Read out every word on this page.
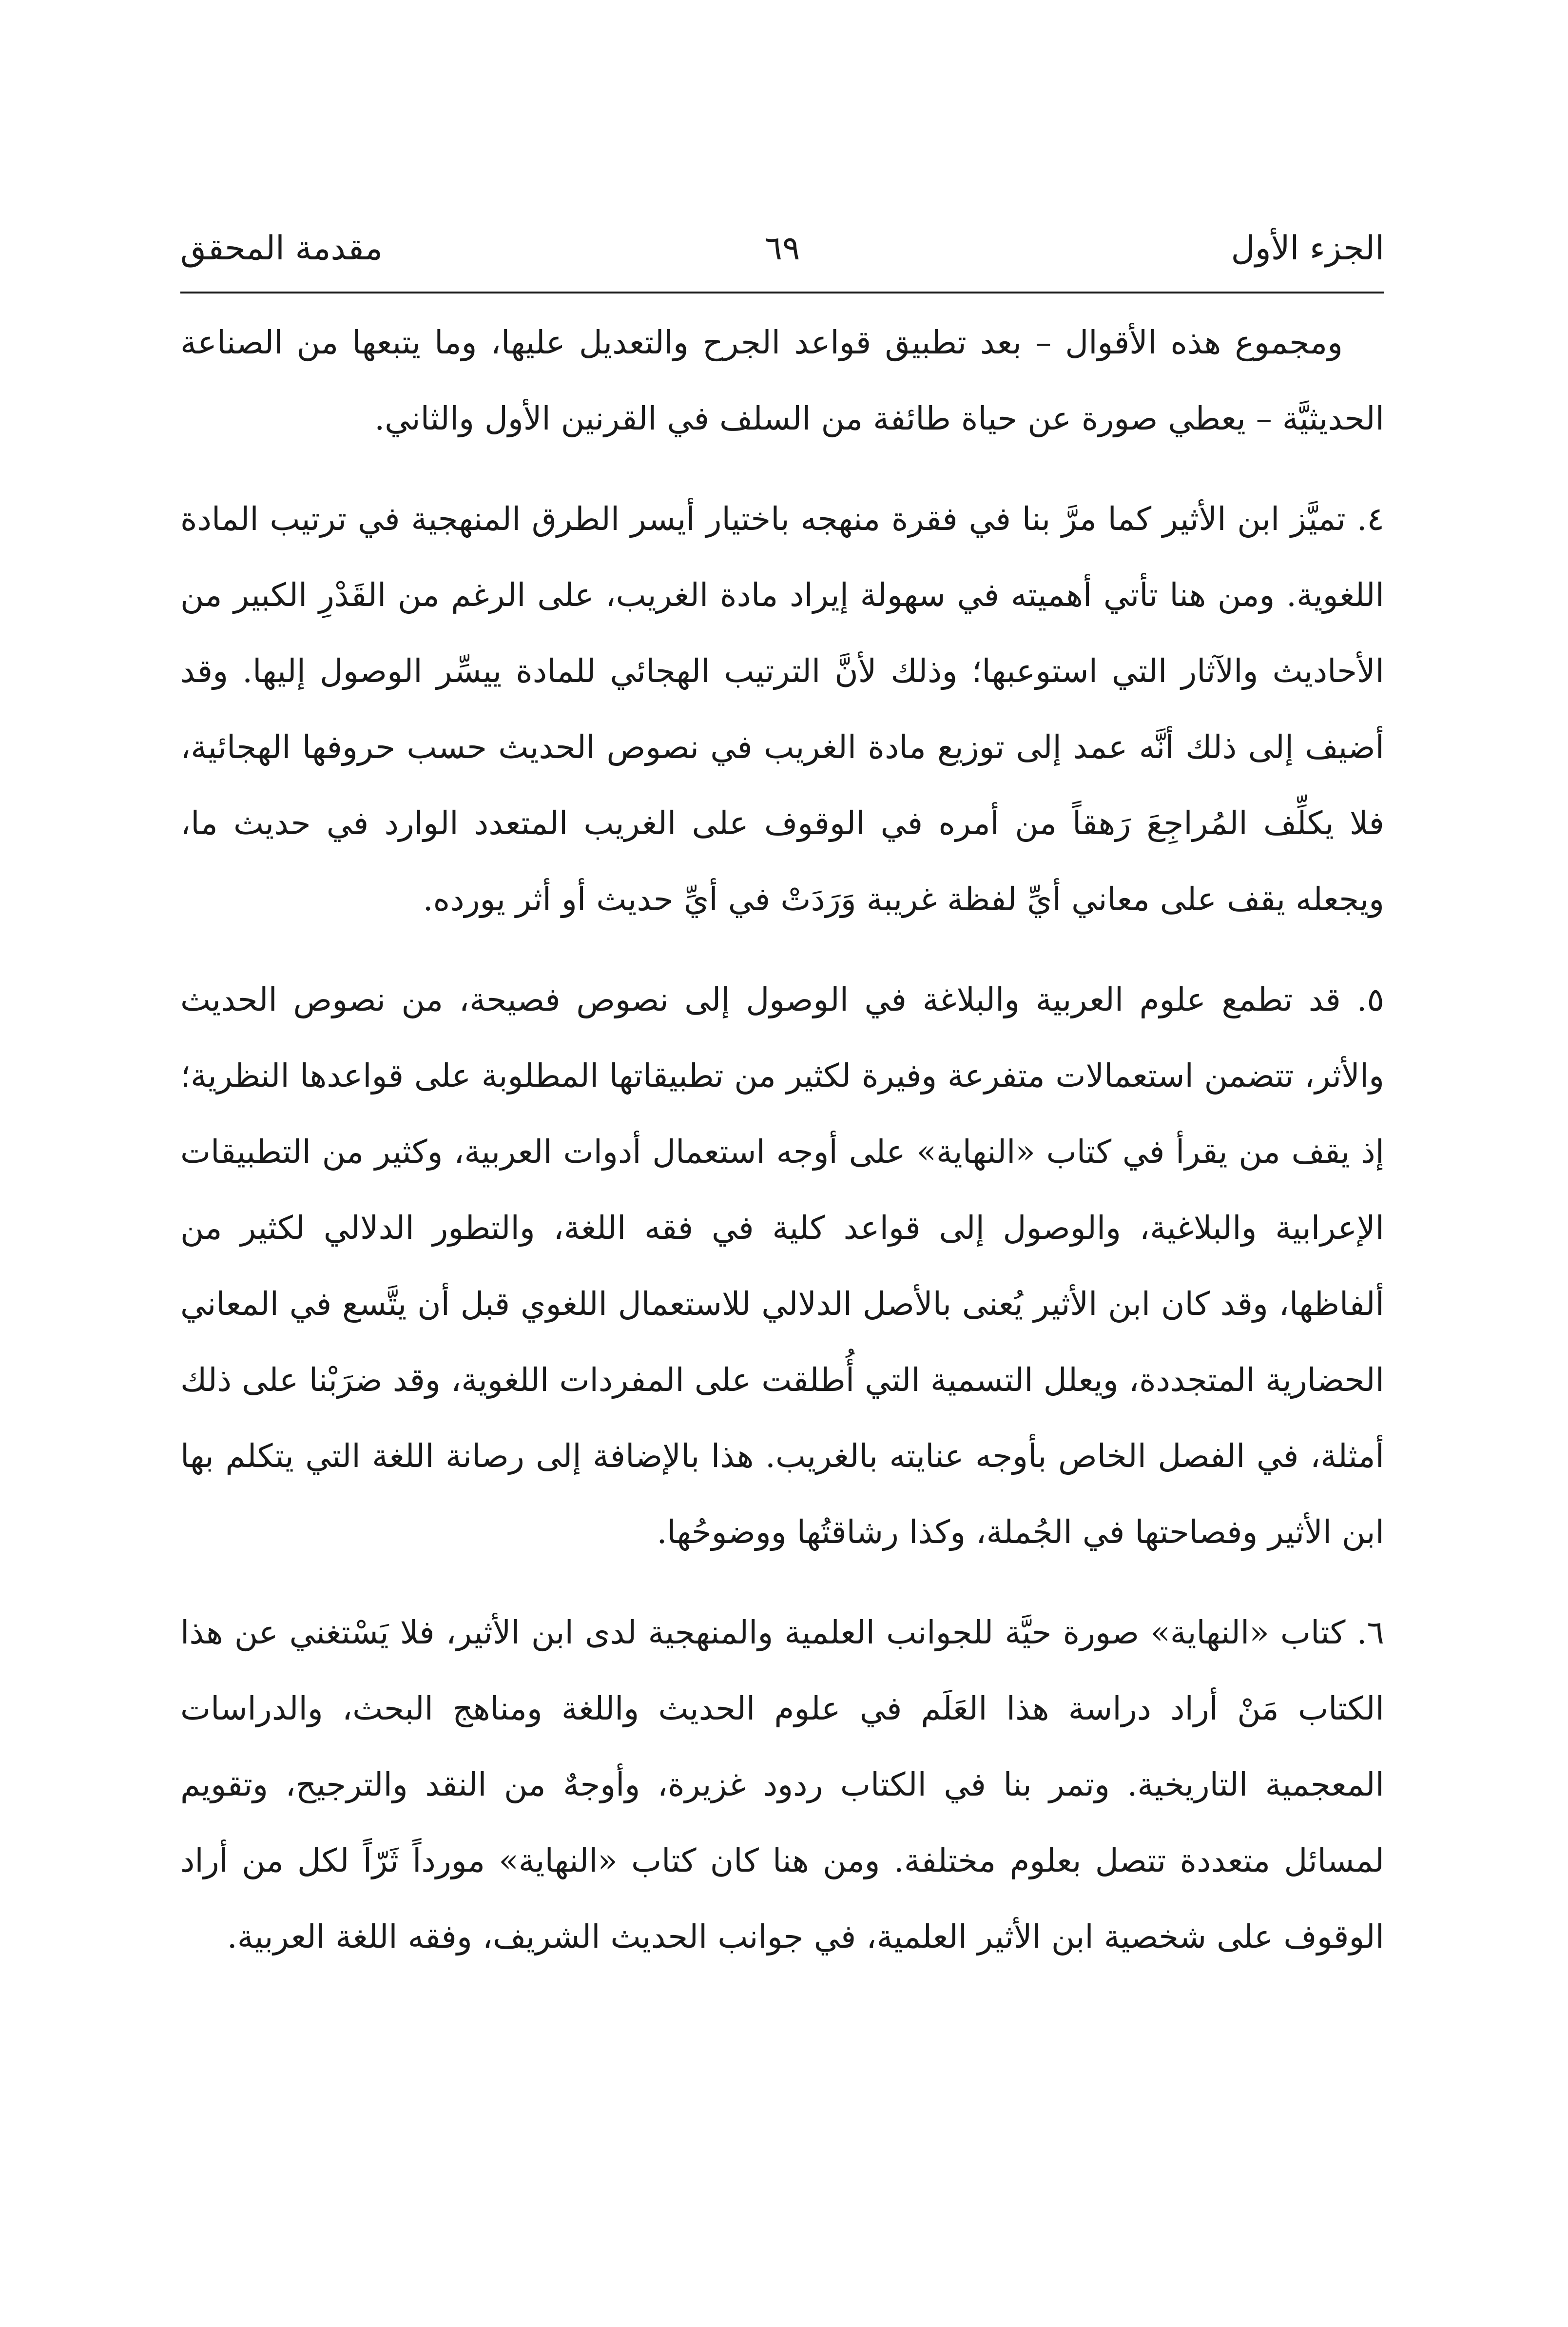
الجزء الأول
٦٩
مقدمة المحقق

ومجموع هذه الأقوال – بعد تطبيق قواعد الجرح والتعديل عليها، وما يتبعها من الصناعة الحديثيَّة – يعطي صورة عن حياة طائفة من السلف في القرنين الأول والثاني.

٤. تميَّز ابن الأثير كما مرَّ بنا في فقرة منهجه باختيار أيسر الطرق المنهجية في ترتيب المادة اللغوية. ومن هنا تأتي أهميته في سهولة إيراد مادة الغريب، على الرغم من القَدْرِ الكبير من الأحاديث والآثار التي استوعبها؛ وذلك لأنَّ الترتيب الهجائي للمادة ييسِّر الوصول إليها. وقد أضيف إلى ذلك أنَّه عمد إلى توزيع مادة الغريب في نصوص الحديث حسب حروفها الهجائية، فلا يكلِّف المُراجِعَ رَهقاً من أمره في الوقوف على الغريب المتعدد الوارد في حديث ما، ويجعله يقف على معاني أيِّ لفظة غريبة وَرَدَتْ في أيِّ حديث أو أثر يورده.

٥. قد تطمع علوم العربية والبلاغة في الوصول إلى نصوص فصيحة، من نصوص الحديث والأثر، تتضمن استعمالات متفرعة وفيرة لكثير من تطبيقاتها المطلوبة على قواعدها النظرية؛ إذ يقف من يقرأ في كتاب «النهاية» على أوجه استعمال أدوات العربية، وكثير من التطبيقات الإعرابية والبلاغية، والوصول إلى قواعد كلية في فقه اللغة، والتطور الدلالي لكثير من ألفاظها، وقد كان ابن الأثير يُعنى بالأصل الدلالي للاستعمال اللغوي قبل أن يتَّسع في المعاني الحضارية المتجددة، ويعلل التسمية التي أُطلقت على المفردات اللغوية، وقد ضرَبْنا على ذلك أمثلة، في الفصل الخاص بأوجه عنايته بالغريب. هذا بالإضافة إلى رصانة اللغة التي يتكلم بها ابن الأثير وفصاحتها في الجُملة، وكذا رشاقتُها ووضوحُها.

٦. كتاب «النهاية» صورة حيَّة للجوانب العلمية والمنهجية لدى ابن الأثير، فلا يَسْتغني عن هذا الكتاب مَنْ أراد دراسة هذا العَلَم في علوم الحديث واللغة ومناهج البحث، والدراسات المعجمية التاريخية. وتمر بنا في الكتاب ردود غزيرة، وأوجهٌ من النقد والترجيح، وتقويم لمسائل متعددة تتصل بعلوم مختلفة. ومن هنا كان كتاب «النهاية» مورداً ثَرّاً لكل من أراد الوقوف على شخصية ابن الأثير العلمية، في جوانب الحديث الشريف، وفقه اللغة العربية.
